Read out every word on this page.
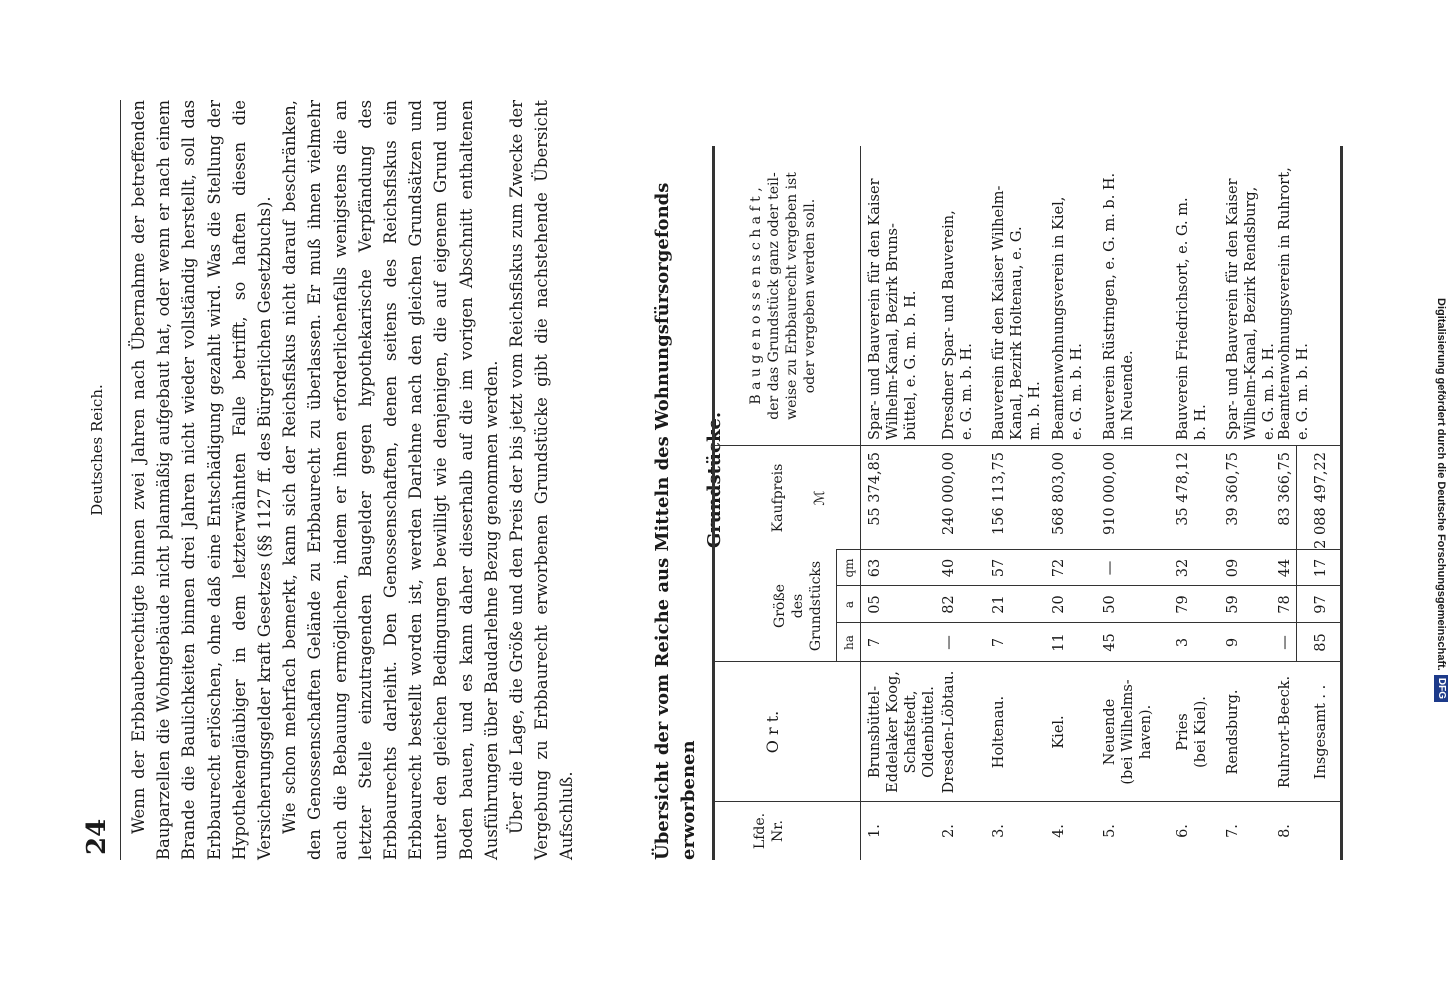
24
Deutsches Reich. Wenn der Erbbauberechtigte binnen zwei Jahren nach Übernahme der betreffenden Bauparzellen die Wohngebäude nicht planmäßig aufgebaut hat, oder wenn er nach einem Brande die Baulichkeiten binnen drei Jahren nicht wieder vollständig herstellt, soll das Erbbaurecht erlöschen, ohne daß eine Entschädigung gezahlt wird. Was die Stellung der Hypothekengläubiger in dem letzterwähnten Falle betrifft, so haften diesen die Versicherungsgelder kraft Gesetzes (§§ 1127 ff. des Bürgerlichen Gesetzbuchs). Wie schon mehrfach bemerkt, kann sich der Reichsfiskus nicht darauf beschränken, den Genossenschaften Gelände zu Erbbaurecht zu überlassen. Er muß ihnen vielmehr auch die Bebauung ermöglichen, indem er ihnen erforderlichenfalls wenigstens die an letzter Stelle einzutragenden Baugelder gegen hypothekarische Verpfändung des Erbbaurechts darleiht. Den Genossenschaften, denen seitens des Reichsfiskus ein Erbbaurecht bestellt worden ist, werden Darlehne nach den gleichen Grundsätzen und unter den gleichen Bedingungen bewilligt wie denjenigen, die auf eigenem Grund und Boden bauen, und es kann daher dieserhalb auf die im vorigen Abschnitt enthaltenen Ausführungen über Baudarlehne Bezug genommen werden. Über die Lage, die Größe und den Preis der bis jetzt vom Reichsfiskus zum Zwecke der Vergebung zu Erbbaurecht erworbenen Grundstücke gibt die nachstehende Übersicht Aufschluß.	Übersicht der vom Reiche aus Mitteln des Wohnungsfürsorgefonds erworbenen
Grundstücke.
Lfde. Nr.
O r t.
Größe des Grundstücks ha
a
qm
Kaufpreis ℳ
B a u g e n o s s e n s c h a f t , der das Grundstück ganz oder teil- weise zu Erbbaurecht vergeben ist oder vergeben werden soll.
1.
Brunsbüttel- Eddelaker Koog, Schafstedt, Oldenbüttel.
7
05
63
55 374,85
Spar- und Bauverein für den Kaiser Wilhelm-Kanal, Bezirk Bruns- büttel, e. G. m. b. H.
2.
Dresden-Löbtau.
—
82
40
240 000,00
Dresdner Spar- und Bauverein, e. G. m. b. H.
3.
Holtenau.
7
21
57
156 113,75
Bauverein für den Kaiser Wilhelm- Kanal, Bezirk Holtenau, e. G. m. b. H.
4.
Kiel.
11
20
72
568 803,00
Beamtenwohnungsverein in Kiel, e. G. m. b. H.
5.
Neuende (bei Wilhelms- haven).
45
50
—
910 000,00
Bauverein Rüstringen, e. G. m. b. H. in Neuende.
6.
Pries (bei Kiel).
3
79
32
35 478,12
Bauverein Friedrichsort, e. G. m. b. H.
7.
Rendsburg.
9
59
09
39 360,75
Spar- und Bauverein für den Kaiser Wilhelm-Kanal, Bezirk Rendsburg, e. G. m. b. H.
8.
Ruhrort-Beeck.
—
78
44
83 366,75
Beamtenwohnungsverein in Ruhrort, e. G. m. b. H.
Insgesamt . .
85
97
17
2 088 497,22	Digitalisierung gefördert durch die Deutsche Forschungsgemeinschaft.DFG
